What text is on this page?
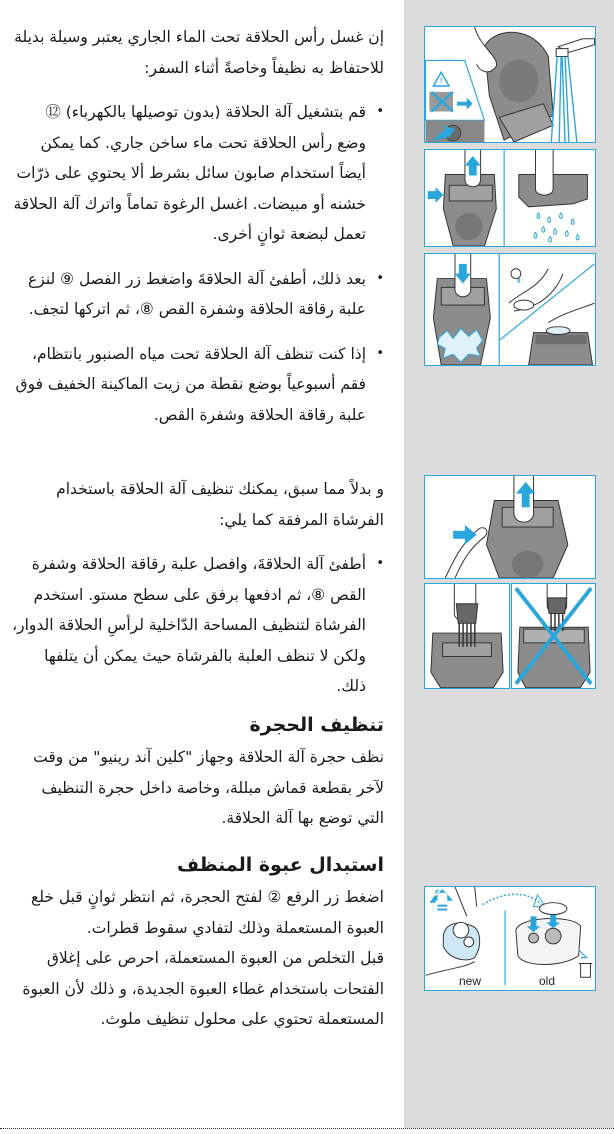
إن غسل رأس الحلاقة تحت الماء الجاري يعتبر وسيلة بديلة للاحتفاظ به نظيفاً وخاصةً أثناء السفر:

• قم بتشغيل آلة الحلاقة (بدون توصيلها بالكهرباء) ⑫ وضع رأس الحلاقة تحت ماء ساخن جاري. كما يمكن أيضاً استخدام صابون سائل بشرط ألا يحتوي على ذرّات خشنه أو مبيضات. اغسل الرغوة تماماً واترك آلة الحلاقة تعمل لبضعة ثوانٍ أخرى.
• بعد ذلك، أطفئ آلة الحلاقةَ واضغط زر الفصل ⑨ لنزع علبة رقاقة الحلاقة وشفرة القص ⑧، ثم اتركها لتجف.
• إذا كنت تنظف آلة الحلاقة تحت مياه الصنبور بانتظام، فقم أسبوعياً بوضع نقطة من زيت الماكينة الخفيف فوق علبة رقاقة الحلاقة وشفرة القص.

و بدلاً مما سبق، يمكنك تنظيف آلة الحلاقة باستخدام الفرشاة المرفقة كما يلي:

• أطفئ آلة الحلاقةَ، وافصل علبة رقاقة الحلاقة وشفرة القص ⑧، ثم ادفعها برفق على سطح مستو. استخدم الفرشاة لتنظيف المساحة الدّاخلية لرأسِ الحلاقة الدوار، ولكن لا تنظف العلبة بالفرشاة حيث يمكن أن يتلفها ذلك.

تنظيف الحجرة

نظف حجرة آلة الحلاقة وجهاز "كلين آند رينيو" من وقت لآخر بقطعة قماش مبللة، وخاصة داخل حجرة التنظيف التي توضع بها آلة الحلاقة.

استبدال عبوة المنظف

اضغط زر الرفع ② لفتح الحجرة، ثم انتظر ثوانٍ قبل خلع العبوة المستعملة وذلك لتفادي سقوط قطرات.

قبل التخلص من العبوة المستعملة، احرص على إغلاق الفتحات باستخدام غطاء العبوة الجديدة، و ذلك لأن العبوة المستعملة تحتوي على محلول تنظيف ملوث.

!
new	old
